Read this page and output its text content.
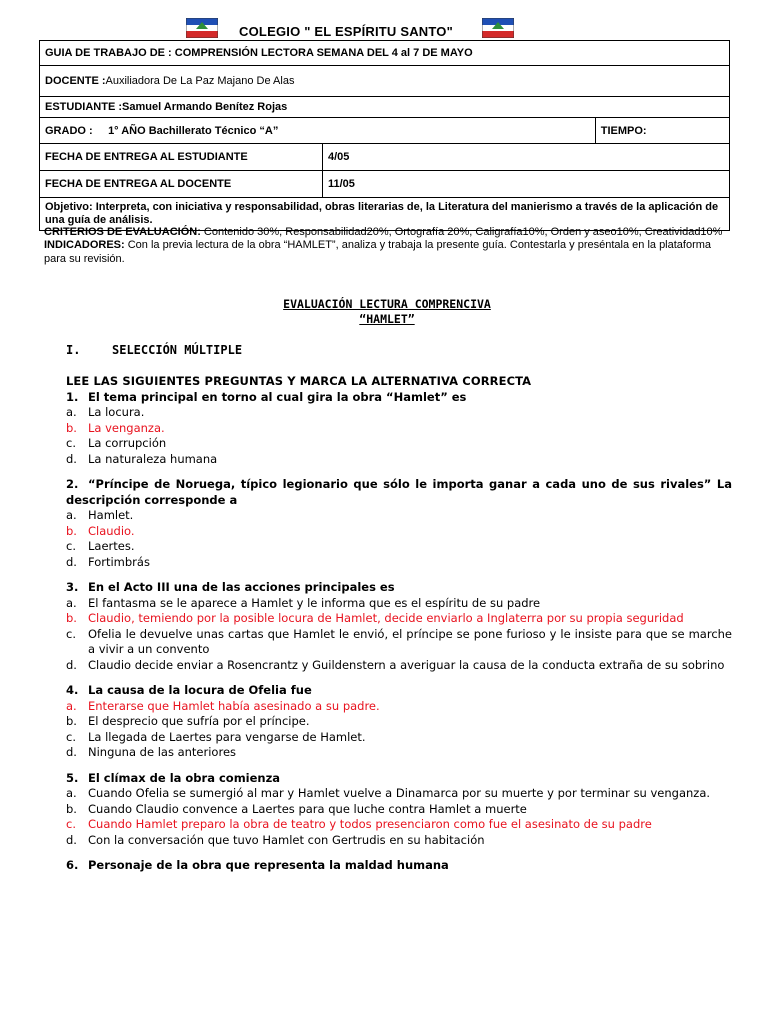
COLEGIO " EL ESPÍRITU SANTO"
GUIA DE TRABAJO DE : COMPRENSIÓN LECTORA SEMANA DEL 4 al 7 DE MAYO		
DOCENTE :Auxiliadora De La Paz Majano De Alas		
ESTUDIANTE :Samuel Armando Benítez Rojas		
GRADO : 1° AÑO Bachillerato Técnico “A”		TIEMPO:
FECHA DE ENTREGA AL ESTUDIANTE	4/05	
FECHA DE ENTREGA AL DOCENTE	11/05	
Objetivo: Interpreta, con iniciativa y responsabilidad, obras literarias de, la Literatura del manierismo a través de la aplicación de una guía de análisis.		
CRITERIOS DE EVALUACIÓN: Contenido 30%, Responsabilidad20%, Ortografía 20%, Caligrafía10%, Orden y aseo10%, Creatividad10%
INDICADORES: Con la previa lectura de la obra “HAMLET”, analiza y trabaja la presente guía. Contestarla y preséntala en la plataforma para su revisión.
EVALUACIÓN LECTURA COMPRENCIVA
“HAMLET”
I.	SELECCIÓN MÚLTIPLE
LEE LAS SIGUIENTES PREGUNTAS Y MARCA LA ALTERNATIVA CORRECTA
1. El tema principal en torno al cual gira la obra “Hamlet” es
a. La locura.
b. La venganza.
c.	La corrupción
d. La naturaleza humana
2. “Príncipe de Noruega, típico legionario que sólo le importa ganar a cada uno de sus rivales” La descripción corresponde a
a. Hamlet.
b. Claudio.
c.	Laertes.
d. Fortimbrás
3. En el Acto III una de las acciones principales es
a. El fantasma se le aparece a Hamlet y le informa que es el espíritu de su padre
b. Claudio, temiendo por la posible locura de Hamlet, decide enviarlo a Inglaterra por su propia seguridad
c.	Ofelia le devuelve unas cartas que Hamlet le envió, el príncipe se pone furioso y le insiste para que se marche a vivir a un convento
d. Claudio decide enviar a Rosencrantz y Guildenstern a averiguar la causa de la conducta extraña de su sobrino
4. La causa de la locura de Ofelia fue
a. Enterarse que Hamlet había asesinado a su padre.
b. El desprecio que sufría por el príncipe.
c.	La llegada de Laertes para vengarse de Hamlet.
d. Ninguna de las anteriores
5. El clímax de la obra comienza
a. Cuando Ofelia se sumergió al mar y Hamlet vuelve a Dinamarca por su muerte y por terminar su venganza.
b. Cuando Claudio convence a Laertes para que luche contra Hamlet a muerte
c.	Cuando Hamlet preparo la obra de teatro y todos presenciaron como fue el asesinato de su padre
d. Con la conversación que tuvo Hamlet con Gertrudis en su habitación
6. Personaje de la obra que representa la maldad humana
